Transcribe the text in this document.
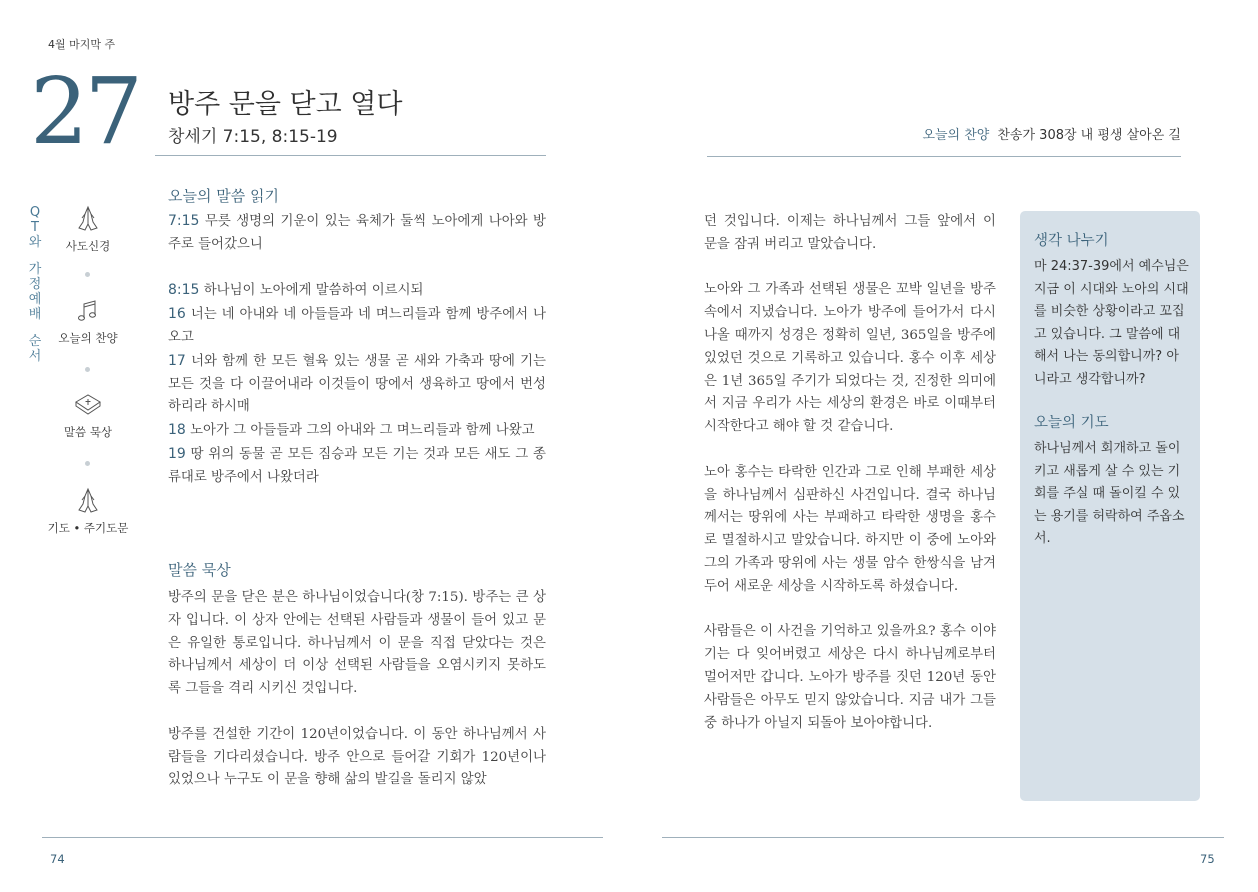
4월 마지막 주
27 방주 문을 닫고 열다
창세기 7:15, 8:15-19	오늘의 찬양 찬송가 308장 내 평생 살아온 길
Q
T
와
가
정
예
배
순
서
사도신경
오늘의 찬양
말씀 묵상
기도 • 주기도문
오늘의 말씀 읽기

7:15 무릇 생명의 기운이 있는 육체가 둘씩 노아에게 나아와 방주로 들어갔으니

8:15 하나님이 노아에게 말씀하여 이르시되

16 너는 네 아내와 네 아들들과 네 며느리들과 함께 방주에서 나오고

17 너와 함께 한 모든 혈육 있는 생물 곧 새와 가축과 땅에 기는 모든 것을 다 이끌어내라 이것들이 땅에서 생육하고 땅에서 번성하리라 하시매

18 노아가 그 아들들과 그의 아내와 그 며느리들과 함께 나왔고

19 땅 위의 동물 곧 모든 짐승과 모든 기는 것과 모든 새도 그 종류대로 방주에서 나왔더라

말씀 묵상

방주의 문을 닫은 분은 하나님이었습니다(창 7:15). 방주는 큰 상자 입니다. 이 상자 안에는 선택된 사람들과 생물이 들어 있고 문은 유일한 통로입니다. 하나님께서 이 문을 직접 닫았다는 것은 하나님께서 세상이 더 이상 선택된 사람들을 오염시키지 못하도록 그들을 격리 시키신 것입니다.

방주를 건설한 기간이 120년이었습니다. 이 동안 하나님께서 사람들을 기다리셨습니다. 방주 안으로 들어갈 기회가 120년이나 있었으나 누구도 이 문을 향해 삶의 발길을 돌리지 않았

던 것입니다. 이제는 하나님께서 그들 앞에서 이 문을 잠궈 버리고 말았습니다.

노아와 그 가족과 선택된 생물은 꼬박 일년을 방주 속에서 지냈습니다. 노아가 방주에 들어가서 다시 나올 때까지 성경은 정확히 일년, 365일을 방주에 있었던 것으로 기록하고 있습니다. 홍수 이후 세상은 1년 365일 주기가 되었다는 것, 진정한 의미에서 지금 우리가 사는 세상의 환경은 바로 이때부터 시작한다고 해야 할 것 같습니다.

노아 홍수는 타락한 인간과 그로 인해 부패한 세상을 하나님께서 심판하신 사건입니다. 결국 하나님께서는 땅위에 사는 부패하고 타락한 생명을 홍수로 멸절하시고 말았습니다. 하지만 이 중에 노아와 그의 가족과 땅위에 사는 생물 암수 한쌍식을 남겨 두어 새로운 세상을 시작하도록 하셨습니다.

사람들은 이 사건을 기억하고 있을까요? 홍수 이야기는 다 잊어버렸고 세상은 다시 하나님께로부터 멀어저만 갑니다. 노아가 방주를 짓던 120년 동안 사람들은 아무도 믿지 않았습니다. 지금 내가 그들 중 하나가 아닐지 되돌아 보아야합니다.

생각 나누기
마 24:37-39에서 예수님은 지금 이 시대와 노아의 시대를 비슷한 상황이라고 꼬집고 있습니다. 그 말씀에 대해서 나는 동의합니까? 아니라고 생각합니까?
오늘의 기도
하나님께서 회개하고 돌이키고 새롭게 살 수 있는 기회를 주실 때 돌이킬 수 있는 용기를 허락하여 주옵소서.
74	75
